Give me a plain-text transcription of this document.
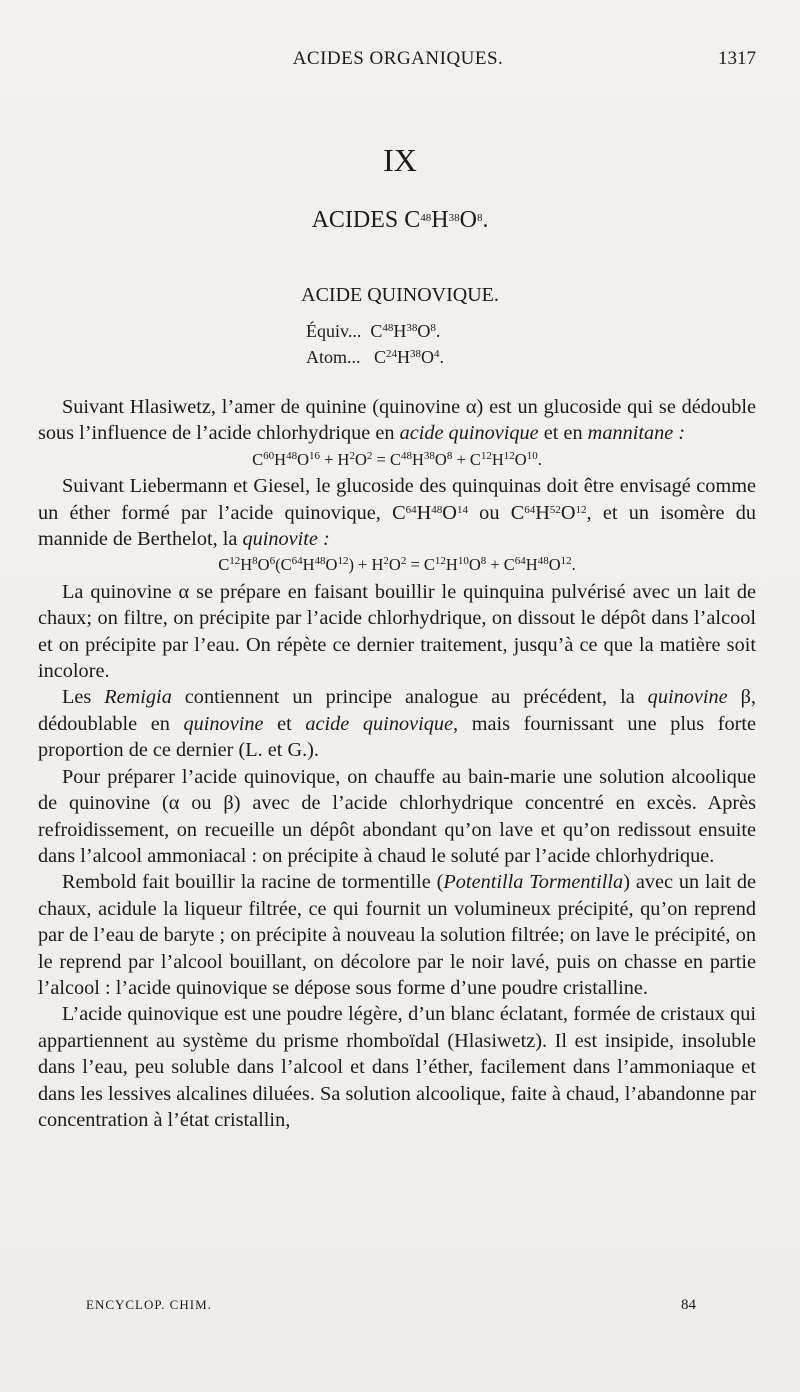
ACIDES ORGANIQUES.	1317
IX
ACIDES $C^{48}H^{38}O^8$.
ACIDE QUINOVIQUE.
Équiv... $C^{48}H^{38}O^8$.
Atom... $C^{24}H^{38}O^4$.

Suivant Hlasiwetz, l’amer de quinine (quinovine α) est un glucoside qui se dédouble sous l’influence de l’acide chlorhydrique en acide quinovique et en mannitane :

$C^{60}H^{48}O^{16} + H^2O^2 = C^{48}H^{38}O^8 + C^{12}H^{12}O^{10}$.

Suivant Liebermann et Giesel, le glucoside des quinquinas doit être envisagé comme un éther formé par l’acide quinovique, $C^{64}H^{48}O^{14}$ ou $C^{64}H^{52}O^{12}$, et un isomère du mannide de Berthelot, la quinovite :

$C^{12}H^8O^6(C^{64}H^{48}O^{12}) + H^2O^2 = C^{12}H^{10}O^8 + C^{64}H^{48}O^{12}$.

La quinovine α se prépare en faisant bouillir le quinquina pulvérisé avec un lait de chaux; on filtre, on précipite par l’acide chlorhydrique, on dissout le dépôt dans l’alcool et on précipite par l’eau. On répète ce dernier traitement, jusqu’à ce que la matière soit incolore.

Les Remigia contiennent un principe analogue au précédent, la quinovine β, dédoublable en quinovine et acide quinovique, mais fournissant une plus forte proportion de ce dernier (L. et G.).

Pour préparer l’acide quinovique, on chauffe au bain-marie une solution alcoolique de quinovine (α ou β) avec de l’acide chlorhydrique concentré en excès. Après refroidissement, on recueille un dépôt abondant qu’on lave et qu’on redissout ensuite dans l’alcool ammoniacal : on précipite à chaud le soluté par l’acide chlorhydrique.

Rembold fait bouillir la racine de tormentille (Potentilla Tormentilla) avec un lait de chaux, acidule la liqueur filtrée, ce qui fournit un volumineux précipité, qu’on reprend par de l’eau de baryte ; on précipite à nouveau la solution filtrée; on lave le précipité, on le reprend par l’alcool bouillant, on décolore par le noir lavé, puis on chasse en partie l’alcool : l’acide quinovique se dépose sous forme d’une poudre cristalline.

L’acide quinovique est une poudre légère, d’un blanc éclatant, formée de cristaux qui appartiennent au système du prisme rhomboïdal (Hlasiwetz). Il est insipide, insoluble dans l’eau, peu soluble dans l’alcool et dans l’éther, facilement dans l’ammoniaque et dans les lessives alcalines diluées. Sa solution alcoolique, faite à chaud, l’abandonne par concentration à l’état cristallin,

ENCYCLOP. CHIM.	84
